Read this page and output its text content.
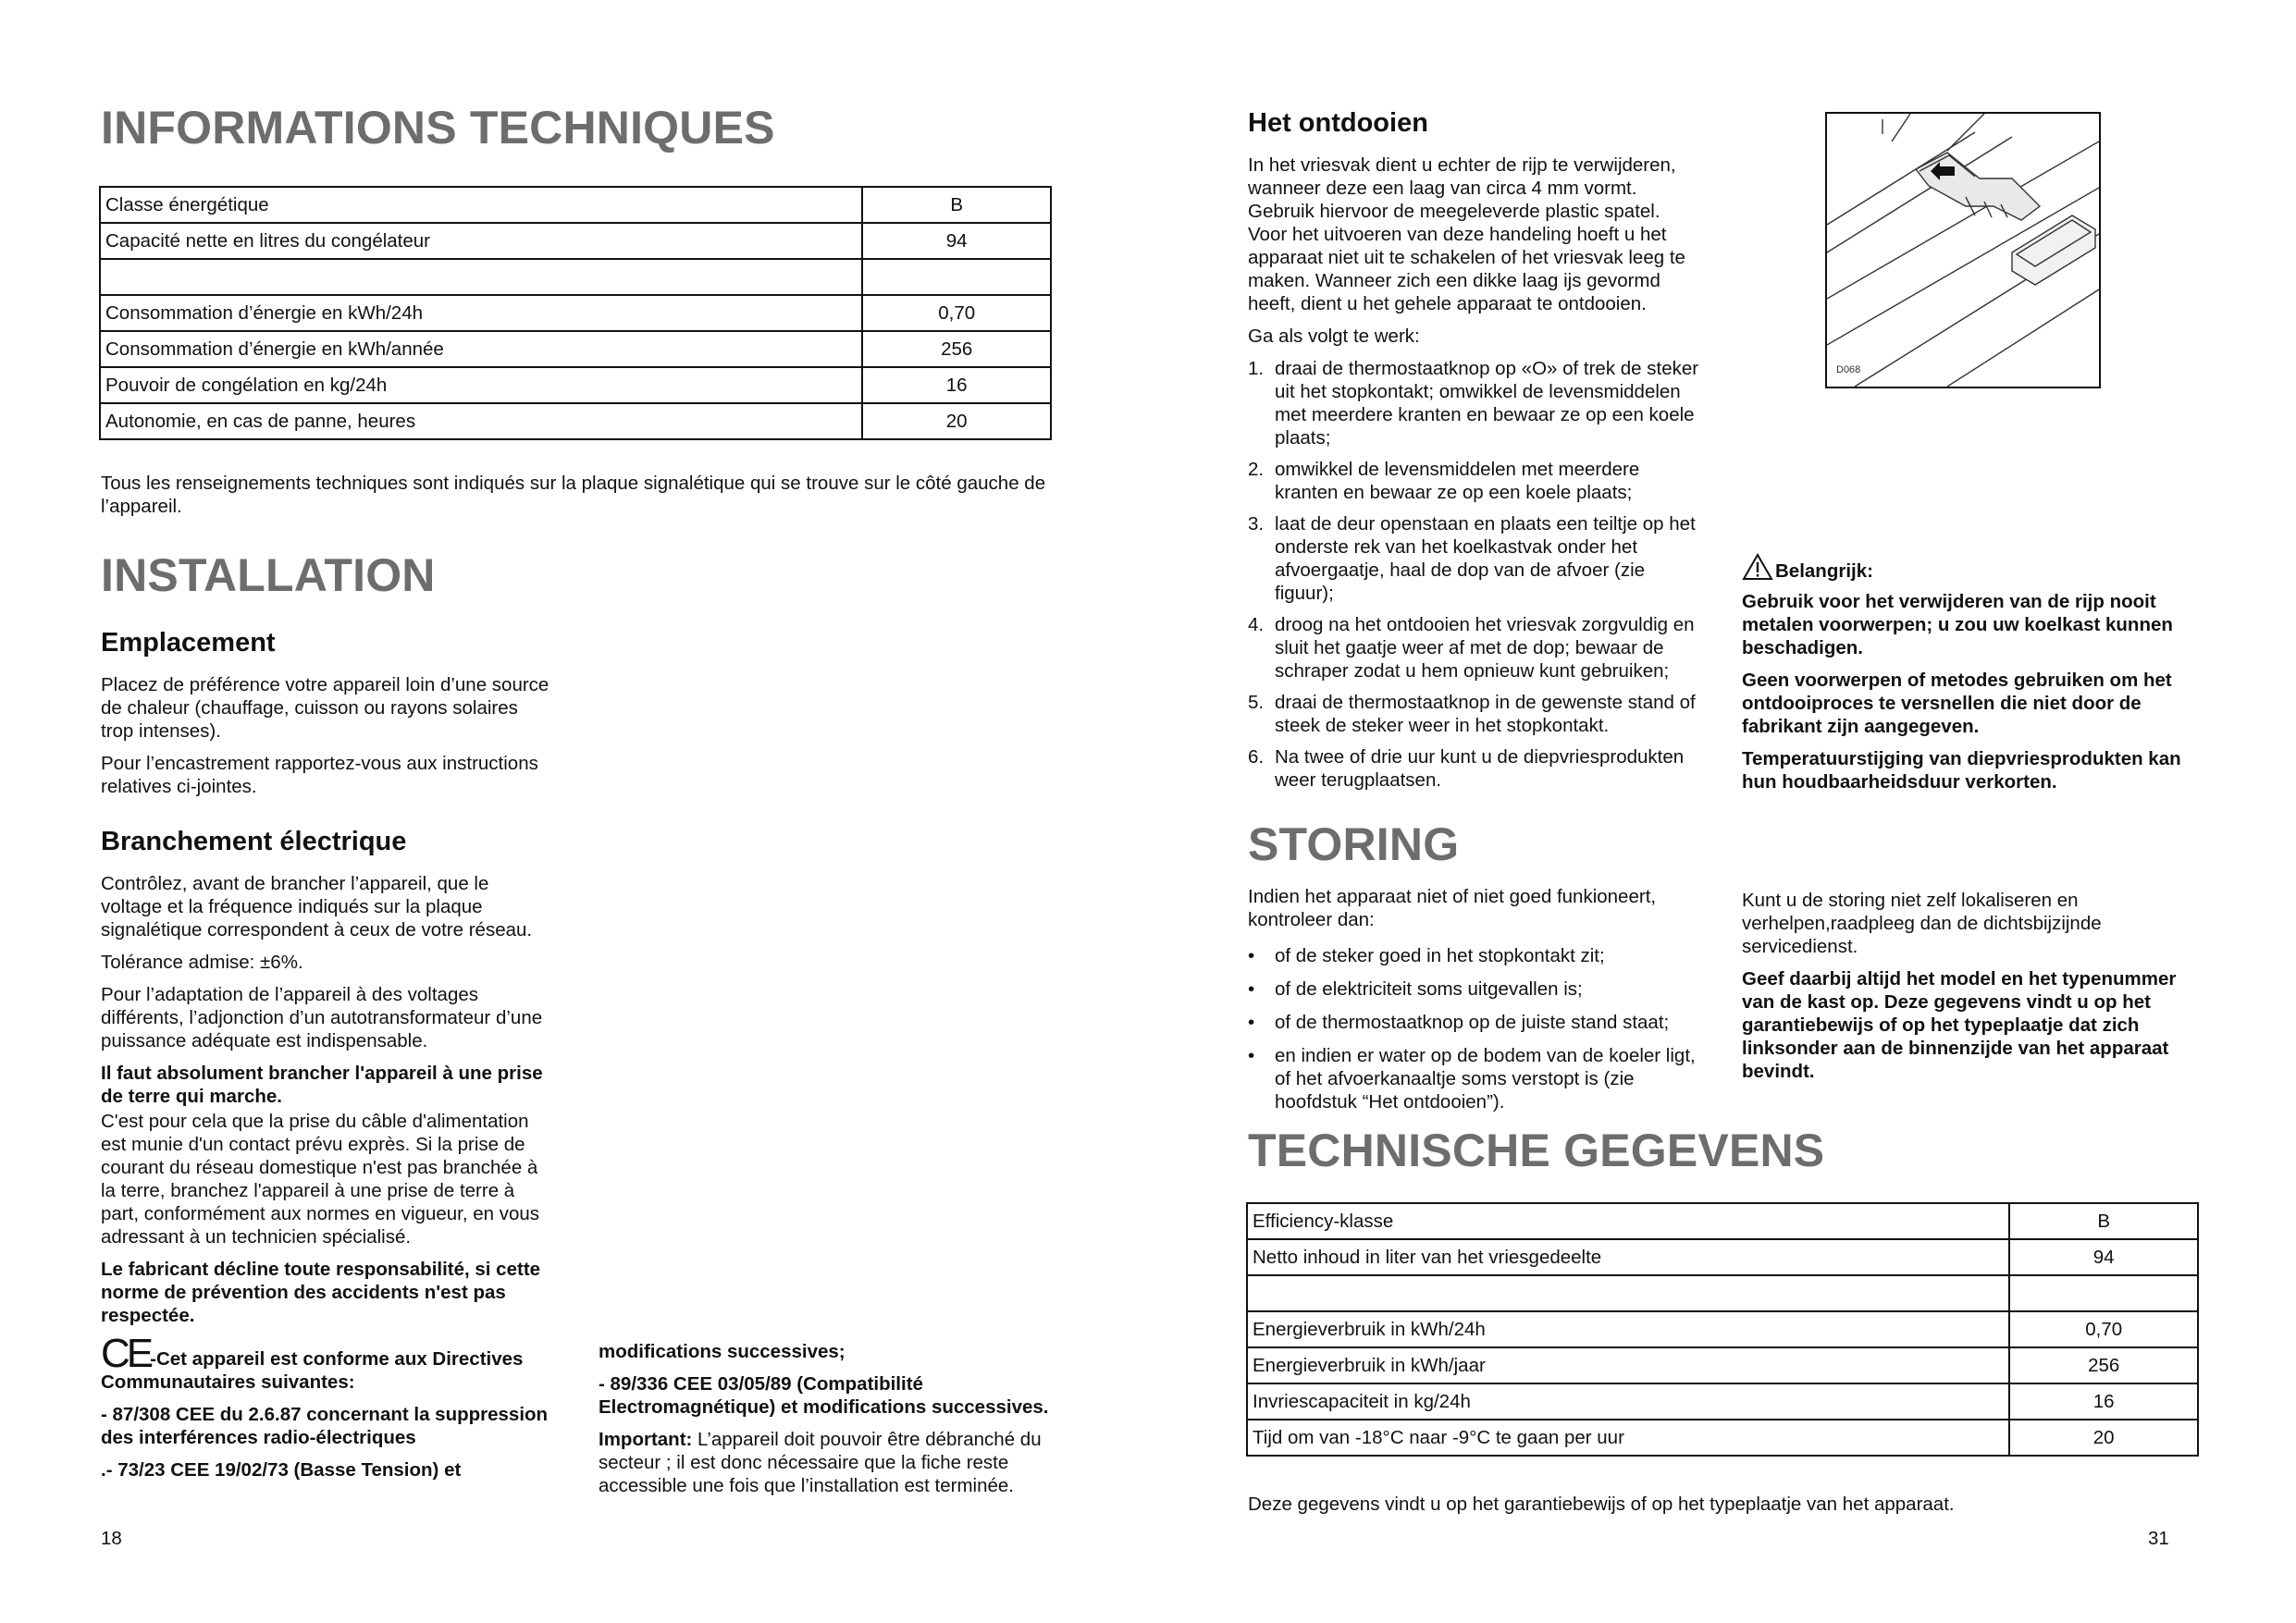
INFORMATIONS TECHNIQUES
Classe énergétique	B
Capacité nette en litres du congélateur	94

Consommation d’énergie en kWh/24h	0,70
Consommation d’énergie en kWh/année	256
Pouvoir de congélation en kg/24h	16
Autonomie, en cas de panne, heures	20

Tous les renseignements techniques sont indiqués sur la plaque signalétique qui se trouve sur le côté gauche de l’appareil.

INSTALLATION
Emplacement

Placez de préférence votre appareil loin d’une source de chaleur (chauffage, cuisson ou rayons solaires trop intenses).

Pour l’encastrement rapportez-vous aux instructions relatives ci-jointes.

Branchement électrique

Contrôlez, avant de brancher l’appareil, que le voltage et la fréquence indiqués sur la plaque signalétique correspondent à ceux de votre réseau.

Tolérance admise: ±6%.

Pour l’adaptation de l’appareil à des voltages différents, l’adjonction d’un autotransformateur d’une puissance adéquate est indispensable.

Il faut absolument brancher l'appareil à une prise de terre qui marche.

C'est pour cela que la prise du câble d'alimentation est munie d'un contact prévu exprès. Si la prise de courant du réseau domestique n'est pas branchée à la terre, branchez l'appareil à une prise de terre à part, conformément aux normes en vigueur, en vous adressant à un technicien spécialisé.

Le fabricant décline toute responsabilité, si cette norme de prévention des accidents n'est pas respectée.

CE-Cet appareil est conforme aux Directives Communautaires suivantes:

- 87/308 CEE du 2.6.87 concernant la suppression des interférences radio-électriques

.- 73/23 CEE 19/02/73 (Basse Tension) et

modifications successives;

- 89/336 CEE 03/05/89 (Compatibilité Electromagnétique) et modifications successives.

Important: L’appareil doit pouvoir être débranché du secteur ; il est donc nécessaire que la fiche reste accessible une fois que l’installation est terminée.

18
Het ontdooien

In het vriesvak dient u echter de rijp te verwijderen, wanneer deze een laag van circa 4 mm vormt. Gebruik hiervoor de meegeleverde plastic spatel. Voor het uitvoeren van deze handeling hoeft u het apparaat niet uit te schakelen of het vriesvak leeg te maken. Wanneer zich een dikke laag ijs gevormd heeft, dient u het gehele apparaat te ontdooien.

Ga als volgt te werk:

1. draai de thermostaatknop op «O» of trek de steker uit het stopkontakt; omwikkel de levensmiddelen met meerdere kranten en bewaar ze op een koele plaats;
2. omwikkel de levensmiddelen met meerdere kranten en bewaar ze op een koele plaats;
3. laat de deur openstaan en plaats een teiltje op het onderste rek van het koelkastvak onder het afvoergaatje, haal de dop van de afvoer (zie figuur);
4. droog na het ontdooien het vriesvak zorgvuldig en sluit het gaatje weer af met de dop; bewaar de schraper zodat u hem opnieuw kunt gebruiken;
5. draai de thermostaatknop in de gewenste stand of steek de steker weer in het stopkontakt.
6. Na twee of drie uur kunt u de diepvriesprodukten weer terugplaatsen.
D068

Belangrijk:

Gebruik voor het verwijderen van de rijp nooit metalen voorwerpen; u zou uw koelkast kunnen beschadigen.

Geen voorwerpen of metodes gebruiken om het ontdooiproces te versnellen die niet door de fabrikant zijn aangegeven.

Temperatuurstijging van diepvriesprodukten kan hun houdbaarheidsduur verkorten.

STORING

Indien het apparaat niet of niet goed funkioneert, kontroleer dan:

• of de steker goed in het stopkontakt zit;
• of de elektriciteit soms uitgevallen is;
• of de thermostaatknop op de juiste stand staat;
• en indien er water op de bodem van de koeler ligt, of het afvoerkanaaltje soms verstopt is (zie hoofdstuk “Het ontdooien”).

Kunt u de storing niet zelf lokaliseren en verhelpen,raadpleeg dan de dichtsbijzijnde servicedienst.

Geef daarbij altijd het model en het typenummer van de kast op. Deze gegevens vindt u op het garantiebewijs of op het typeplaatje dat zich linksonder aan de binnenzijde van het apparaat bevindt.

TECHNISCHE GEGEVENS
Efficiency-klasse	B
Netto inhoud in liter van het vriesgedeelte	94

Energieverbruik in kWh/24h	0,70
Energieverbruik in kWh/jaar	256
Invriescapaciteit in kg/24h	16
Tijd om van -18°C naar -9°C te gaan per uur	20

Deze gegevens vindt u op het garantiebewijs of op het typeplaatje van het apparaat.

31
